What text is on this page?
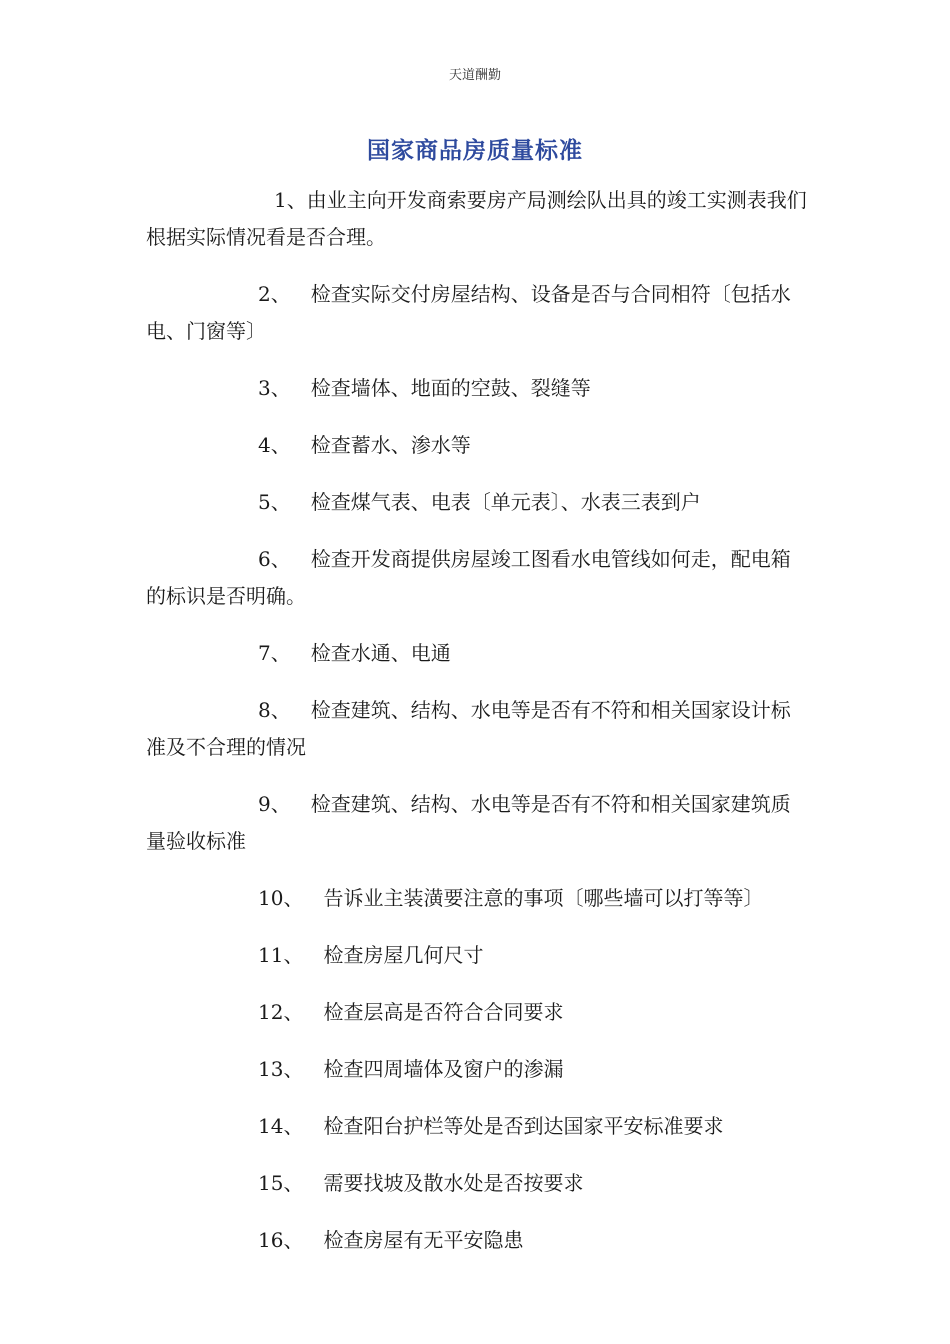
天道酬勤
国家商品房质量标准

1、由业主向开发商索要房产局测绘队出具的竣工实测表我们根据实际情况看是否合理。

2、 检查实际交付房屋结构、设备是否与合同相符〔包括水电、门窗等〕

3、 检查墙体、地面的空鼓、裂缝等

4、 检查蓄水、渗水等

5、 检查煤气表、电表〔单元表〕、水表三表到户

6、 检查开发商提供房屋竣工图看水电管线如何走，配电箱的标识是否明确。

7、 检查水通、电通

8、 检查建筑、结构、水电等是否有不符和相关国家设计标准及不合理的情况

9、 检查建筑、结构、水电等是否有不符和相关国家建筑质量验收标准

10、 告诉业主装潢要注意的事项〔哪些墙可以打等等〕

11、 检查房屋几何尺寸

12、 检查层高是否符合合同要求

13、 检查四周墙体及窗户的渗漏

14、 检查阳台护栏等处是否到达国家平安标准要求

15、 需要找坡及散水处是否按要求

16、 检查房屋有无平安隐患
